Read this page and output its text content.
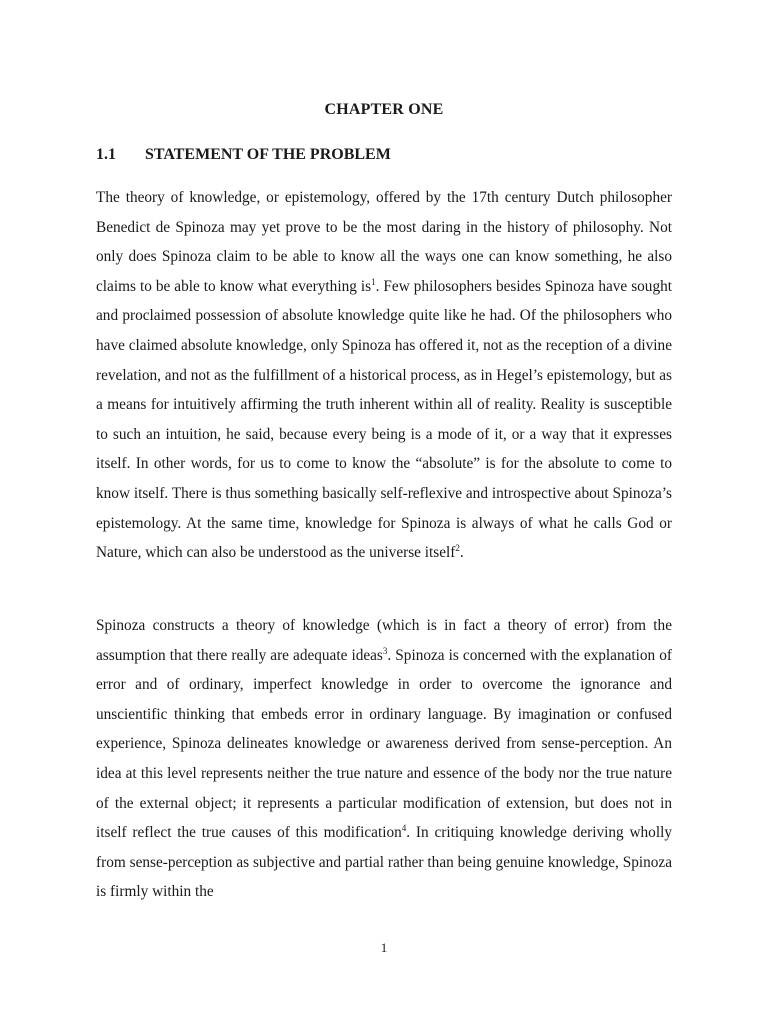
CHAPTER ONE
1.1	STATEMENT OF THE PROBLEM

The theory of knowledge, or epistemology, offered by the 17th century Dutch philosopher Benedict de Spinoza may yet prove to be the most daring in the history of philosophy. Not only does Spinoza claim to be able to know all the ways one can know something, he also claims to be able to know what everything $is^1$. Few philosophers besides Spinoza have sought and proclaimed possession of absolute knowledge quite like he had. Of the philosophers who have claimed absolute knowledge, only Spinoza has offered it, not as the reception of a divine revelation, and not as the fulfillment of a historical process, as in Hegel’s epistemology, but as a means for intuitively affirming the truth inherent within all of reality. Reality is susceptible to such an intuition, he said, because every being is a mode of it, or a way that it expresses itself. In other words, for us to come to know the “absolute” is for the absolute to come to know itself. There is thus something basically self-reflexive and introspective about Spinoza’s epistemology. At the same time, knowledge for Spinoza is always of what he calls God or Nature, which can also be understood as the universe itself$^2$.

Spinoza constructs a theory of knowledge (which is in fact a theory of error) from the assumption that there really are adequate ideas$^3$. Spinoza is concerned with the explanation of error and of ordinary, imperfect knowledge in order to overcome the ignorance and unscientific thinking that embeds error in ordinary language. By imagination or confused experience, Spinoza delineates knowledge or awareness derived from sense-perception. An idea at this level represents neither the true nature and essence of the body nor the true nature of the external object; it represents a particular modification of extension, but does not in itself reflect the true causes of this modification$^4$. In critiquing knowledge deriving wholly from sense-perception as subjective and partial rather than being genuine knowledge, Spinoza is firmly within the

1
